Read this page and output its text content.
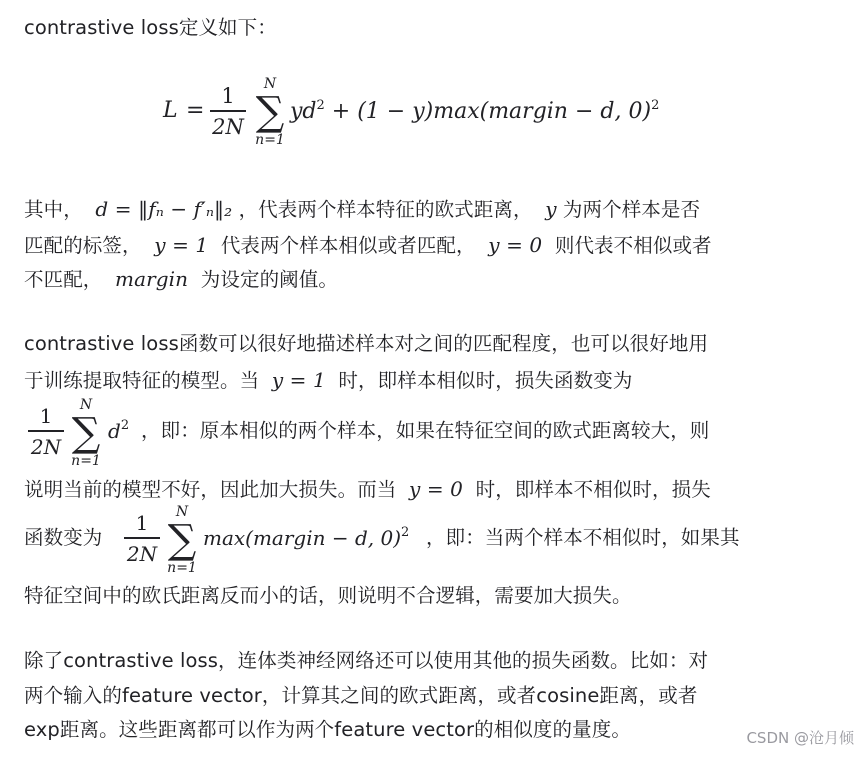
contrastive loss定义如下：
L =
1
2N
N
∑
n=1
$yd^2 + (1$ − y)max(margin − d, 0)$^2$
其中， d = ‖fₙ − f′ₙ‖₂ ，代表两个样本特征的欧式距离， y 为两个样本是否
匹配的标签， y = 1 代表两个样本相似或者匹配， y = 0 则代表不相似或者
不匹配， margin 为设定的阈值。
contrastive loss函数可以很好地描述样本对之间的匹配程度，也可以很好地用
于训练提取特征的模型。当 y = 1 时，即样本相似时，损失函数变为
1
2N
N
∑
n=1
$d^2$ ，即：原本相似的两个样本，如果在特征空间的欧式距离较大，则
说明当前的模型不好，因此加大损失。而当 y = 0 时，即样本不相似时，损失
函数变为
1
2N
N
∑
n=1
max(margin − d, 0)$^2$ ，即：当两个样本不相似时，如果其
特征空间中的欧氏距离反而小的话，则说明不合逻辑，需要加大损失。
除了contrastive loss，连体类神经网络还可以使用其他的损失函数。比如：对
两个输入的feature vector，计算其之间的欧式距离，或者cosine距离，或者
exp距离。这些距离都可以作为两个feature vector的相似度的量度。	CSDN @沧月倾
